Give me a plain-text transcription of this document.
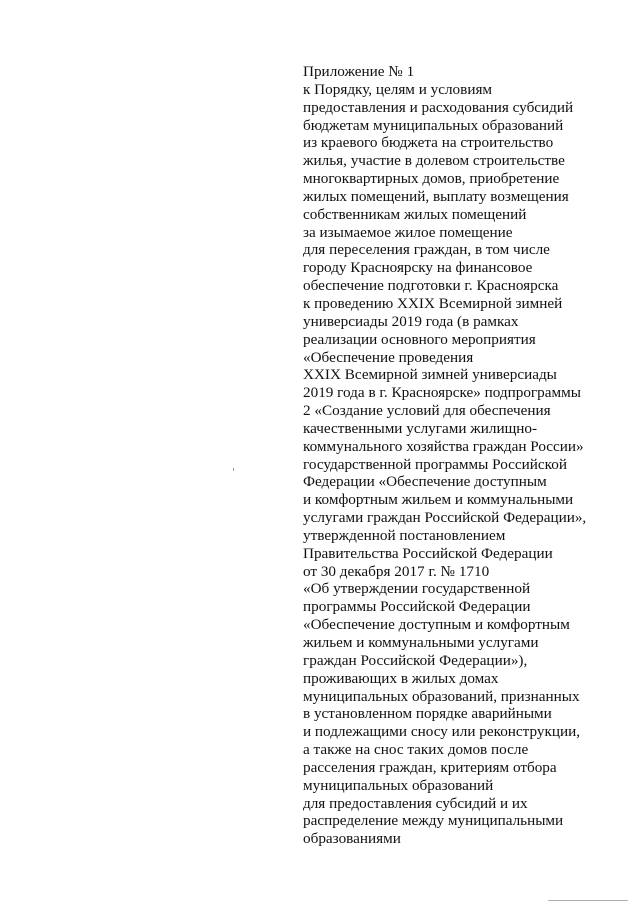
Приложение № 1
к Порядку, целям и условиям
предоставления и расходования субсидий
бюджетам муниципальных образований
из краевого бюджета на строительство
жилья, участие в долевом строительстве
многоквартирных домов, приобретение
жилых помещений, выплату возмещения
собственникам жилых помещений
за изымаемое жилое помещение
для переселения граждан, в том числе
городу Красноярску на финансовое
обеспечение подготовки г. Красноярска
к проведению XXIX Всемирной зимней
универсиады 2019 года (в рамках
реализации основного мероприятия
«Обеспечение проведения
XXIX Всемирной зимней универсиады
2019 года в г. Красноярске» подпрограммы
2 «Создание условий для обеспечения
качественными услугами жилищно-
коммунального хозяйства граждан России»
государственной программы Российской
Федерации «Обеспечение доступным
и комфортным жильем и коммунальными
услугами граждан Российской Федерации»,
утвержденной постановлением
Правительства Российской Федерации
от 30 декабря 2017 г. № 1710
«Об утверждении государственной
программы Российской Федерации
«Обеспечение доступным и комфортным
жильем и коммунальными услугами
граждан Российской Федерации»),
проживающих в жилых домах
муниципальных образований, признанных
в установленном порядке аварийными
и подлежащими сносу или реконструкции,
а также на снос таких домов после
расселения граждан, критериям отбора
муниципальных образований
для предоставления субсидий и их
распределение между муниципальными
образованиями
